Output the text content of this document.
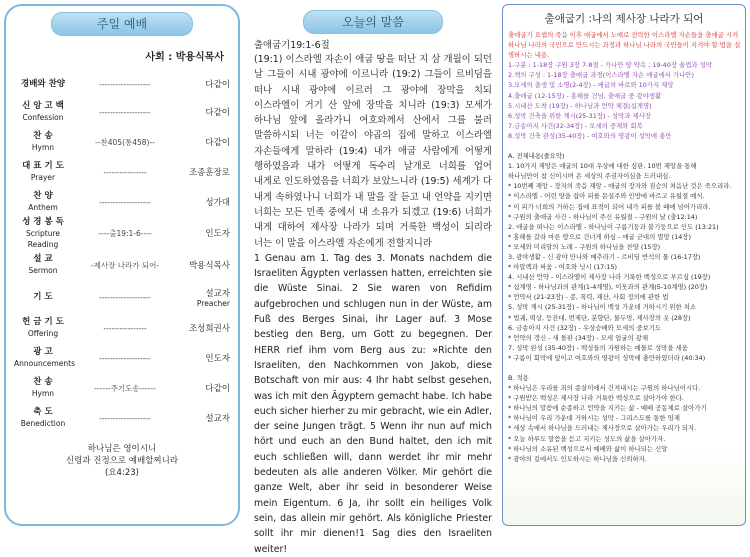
주일 예배
사회 : 박용식목사
경배와 찬양	-------------------	다같이
신 앙 고 백
Confession
-------------------	다같이
찬 송
Hymn
--찬405(통458)--	다같이
대 표 기 도
Prayer
----------------	조종훈장로
찬 양
Anthem
-------------------	성가대
성 경 봉 독
Scripture Reading
----출19:1-6----	인도자
설 교
Sermon
-제사장 나라가 되어-	박용식목사
기 도	-------------------	설교자
Preacher
헌 금 기 도
Offering
----------------	조성희권사
광 고
Announcements
-------------------	인도자
찬 송
Hymn
------주기도송------	다같이
축 도
Benediction
-------------------	설교자
하나님은 영이시니
신령과 진정으로 예배할찌니라
(요4:23)
오늘의 말씀
출애굽기19:1-6절
(19:1) 이스라엘 자손이 애굽 땅을 떠난 지 삼 개월이 되던 날 그들이 시내 광야에 이르니라 (19:2) 그들이 르비딤을 떠나 시내 광야에 이르러 그 광야에 장막을 치되 이스라엘이 거기 산 앞에 장막을 치니라 (19:3) 모세가 하나님 앞에 올라가니 여호와께서 산에서 그를 불러 말씀하시되 너는 이같이 야곱의 집에 말하고 이스라엘 자손들에게 말하라 (19:4) 내가 애굽 사람에게 어떻게 행하였음과 내가 어떻게 독수리 날개로 너희를 업어 내게로 인도하였음을 너희가 보았느니라 (19:5) 세계가 다 내게 속하였나니 너희가 내 말을 잘 듣고 내 언약을 지키면 너희는 모든 민족 중에서 내 소유가 되겠고 (19:6) 너희가 내게 대하여 제사장 나라가 되며 거룩한 백성이 되리라 너는 이 말을 이스라엘 자손에게 전할지니라
1 Genau am 1. Tag des 3. Monats nachdem die Israeliten Ägypten verlassen hatten, erreichten sie die Wüste Sinai. 2 Sie waren von Refidim aufgebrochen und schlugen nun in der Wüste, am Fuß des Berges Sinai, ihr Lager auf. 3 Mose bestieg den Berg, um Gott zu begegnen. Der HERR rief ihm vom Berg aus zu: »Richte den Israeliten, den Nachkommen von Jakob, diese Botschaft von mir aus: 4 Ihr habt selbst gesehen, was ich mit den Ägyptern gemacht habe. Ich habe euch sicher hierher zu mir gebracht, wie ein Adler, der seine Jungen trägt. 5 Wenn ihr nun auf mich hört und euch an den Bund haltet, den ich mit euch schließen will, dann werdet ihr mir mehr bedeuten als alle anderen Völker. Mir gehört die ganze Welt, aber ihr seid in besonderer Weise mein Eigentum. 6 Ja, ihr sollt ein heiliges Volk sein, das allein mir gehört. Als königliche Priester sollt ihr mir dienen!1 Sag dies den Israeliten weiter!
출애굽기 :나의 제사장 나라가 되어
출애굽기 요셉의 죽음 이후 애굽에서 노예로 전락한 이스라엘 자손들을 출애굽 시켜
하나님 나라의 국민으로 만드시는 과정과 하나님 나라의 국민들이 지켜야 할 법을 설
명하시는 내용.
1.구분 : 1-18장 구원 3장 7-8절 - 가나안 땅 약속 ; 19-40장 율법과 성막
2.책의 구성 : 1-18장 출애굽 과정(이스라엘 자손 애굽에서 가나안)
3.모세의 출생 및 소명(2-4장) - 애굽의 바로와 10가지 재앙
4.출애굽 (12-15장) - 홍해를 건넘, 출애굽 중 광야생활
5.시내산 도착 (19장) - 하나님과 언약 체결(십계명)
6.성막 건축을 위한 계시(25-31장) - 성막과 제사장
7.금송아지 사건(32-34장) - 모세의 중재와 회복
8.성막 건축 완성(35-40장) - 여호와의 영광이 성막에 충만
A. 전체내용(줄요약)
1. 10가지 재앙은 애굽의 10대 우상에 대한 심판. 10번 재앙을 통해
하나님만이 참 신이시며 온 세상의 주권자이심을 드러내심.
* 10번째 재앙 - 장자의 죽음 재앙 - 애굽의 장자와 짐승의 처음난 것은 죽으리라.
* 이스라엘 - 어린 양을 잡아 피를 문설주와 인방에 바르고 유월절 예식.
* 이 피가 너희의 거하는 집에 표적이 되어 내가 피를 볼 때에 넘어가리라.
* 구원의 출애굽 사건 - 하나님이 주신 유월절 - 구원의 날 (출12:14)
2. 애굽을 떠나는 이스라엘 - 하나님이 구름기둥과 불기둥으로 인도 (13:21)
* 홍해를 갈라 마른 땅으로 건너게 하심 - 애굽 군대의 멸망 (14장)
* 모세와 미리암의 노래 - 구원의 하나님을 찬양 (15장)
3. 광야생활 - 신 광야 만나와 메추라기 - 르비딤 반석의 물 (16-17장)
* 아말렉과 싸움 - 여호와 닛시 (17:15)
4. 시내산 언약 - 이스라엘이 제사장 나라 거룩한 백성으로 부르심 (19장)
* 십계명 - 하나님과의 관계(1-4계명), 이웃과의 관계(5-10계명) (20장)
* 언약서 (21-23장) - 종, 폭력, 재산, 사회 정의에 관한 법
5. 성막 계시 (25-31장) - 하나님이 백성 가운데 거하시기 위한 처소
* 법궤, 떡상, 등잔대, 번제단, 분향단, 물두멍, 제사장의 옷 (28장)
6. 금송아지 사건 (32장) - 우상숭배와 모세의 중보기도
* 언약의 갱신 - 새 돌판 (34장) - 모세 얼굴의 광채
7. 성막 완성 (35-40장) - 백성들의 자원하는 예물로 성막을 세움
* 구름이 회막에 덮이고 여호와의 영광이 성막에 충만하였더라 (40:34)
B. 적용
* 하나님은 우리를 죄의 종살이에서 건져내시는 구원의 하나님이시다.
* 구원받은 백성은 제사장 나라 거룩한 백성으로 살아가야 한다.
* 하나님의 말씀에 순종하고 언약을 지키는 삶 - 예배 공동체로 살아가기
* 하나님이 우리 가운데 거하시는 성막 - 그리스도를 통한 임재
* 세상 속에서 하나님을 드러내는 제사장으로 살아가는 우리가 되자.
* 오늘 하루도 말씀을 듣고 지키는 성도의 삶을 살아가자.
* 하나님의 소유된 백성으로서 예배와 삶이 하나되는 신앙
* 광야의 길에서도 인도하시는 하나님을 신뢰하자.
